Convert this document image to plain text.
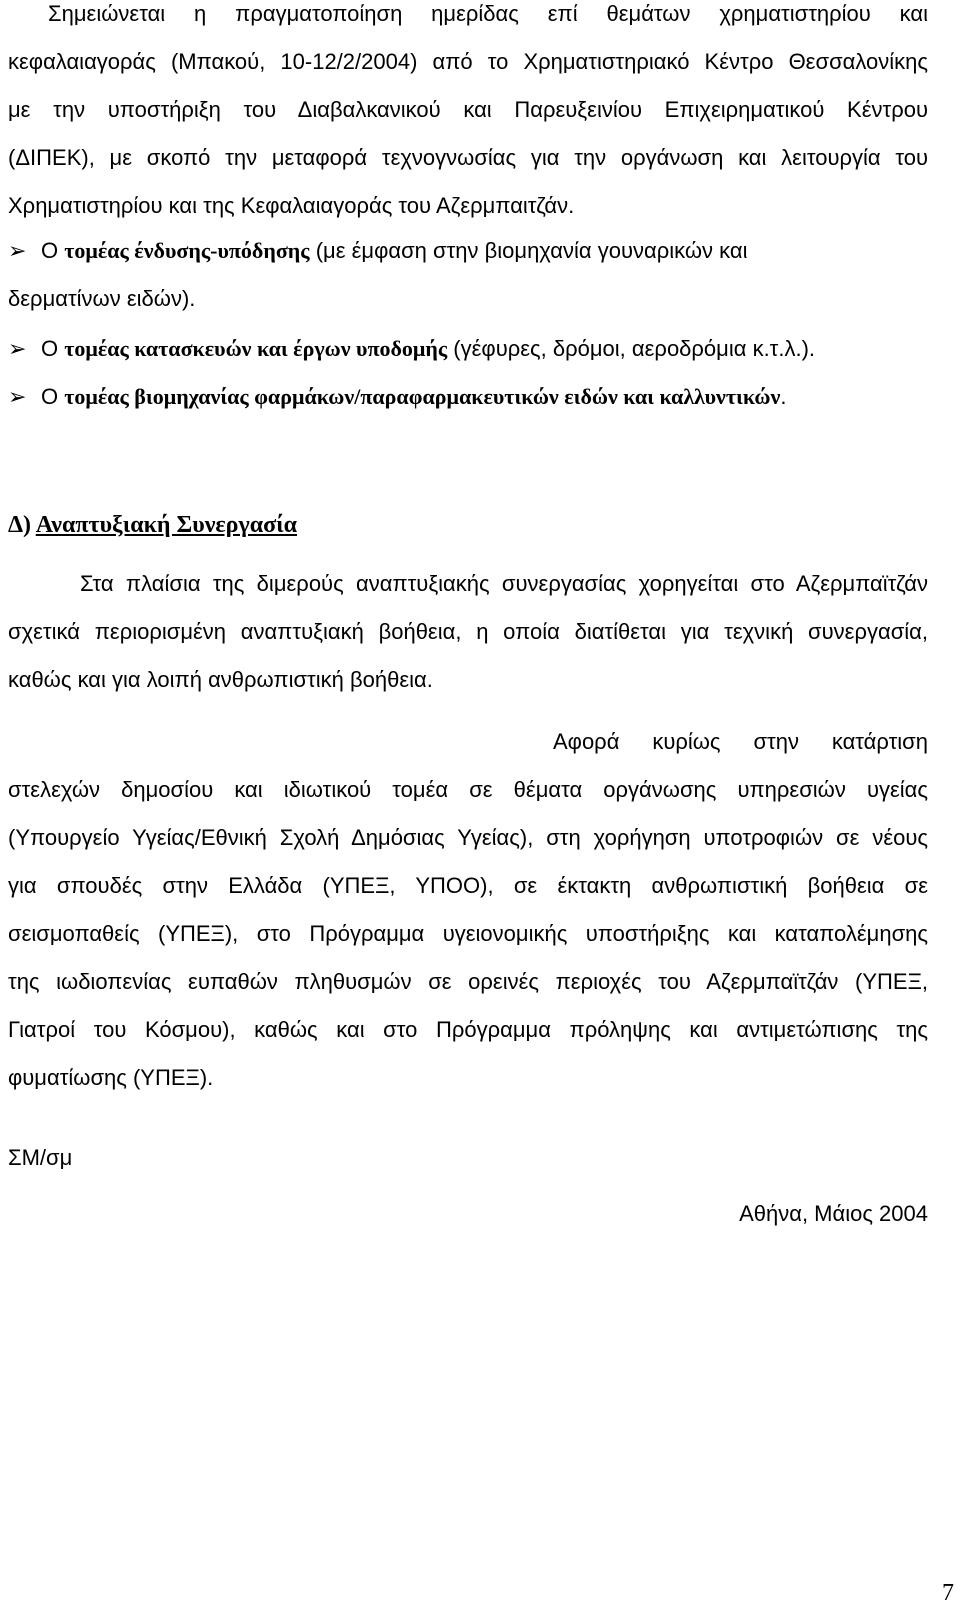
Σημειώνεται η πραγματοποίηση ημερίδας επί θεμάτων χρηματιστηρίου και
κεφαλαιαγοράς (Μπακού, 10-12/2/2004) από το Χρηματιστηριακό Κέντρο Θεσσαλονίκης
με την υποστήριξη του Διαβαλκανικού και Παρευξεινίου Επιχειρηματικού Κέντρου
(ΔΙΠΕΚ), με σκοπό την μεταφορά τεχνογνωσίας για την οργάνωση και λειτουργία του
Χρηματιστηρίου και της Κεφαλαιαγοράς του Αζερμπαιτζάν.
➢ Ο τομέας ένδυσης-υπόδησης (με έμφαση στην βιομηχανία γουναρικών και
δερματίνων ειδών).
➢ Ο τομέας κατασκευών και έργων υποδομής (γέφυρες, δρόμοι, αεροδρόμια κ.τ.λ.).
➢ Ο τομέας βιομηχανίας φαρμάκων/παραφαρμακευτικών ειδών και καλλυντικών.
Δ) Αναπτυξιακή Συνεργασία
Στα πλαίσια της διμερούς αναπτυξιακής συνεργασίας χορηγείται στο Αζερμπαϊτζάν
σχετικά περιορισμένη αναπτυξιακή βοήθεια, η οποία διατίθεται για τεχνική συνεργασία,
καθώς και για λοιπή ανθρωπιστική βοήθεια.
Αφορά κυρίως στην κατάρτιση
στελεχών δημοσίου και ιδιωτικού τομέα σε θέματα οργάνωσης υπηρεσιών υγείας
(Υπουργείο Υγείας/Εθνική Σχολή Δημόσιας Υγείας), στη χορήγηση υποτροφιών σε νέους
για σπουδές στην Ελλάδα (ΥΠΕΞ, ΥΠΟΟ), σε έκτακτη ανθρωπιστική βοήθεια σε
σεισμοπαθείς (ΥΠΕΞ), στο Πρόγραμμα υγειονομικής υποστήριξης και καταπολέμησης
της ιωδιοπενίας ευπαθών πληθυσμών σε ορεινές περιοχές του Αζερμπαϊτζάν (ΥΠΕΞ,
Γιατροί του Κόσμου), καθώς και στο Πρόγραμμα πρόληψης και αντιμετώπισης της
φυματίωσης (ΥΠΕΞ).
ΣΜ/σμ
Αθήνα, Μάιος 2004
7
